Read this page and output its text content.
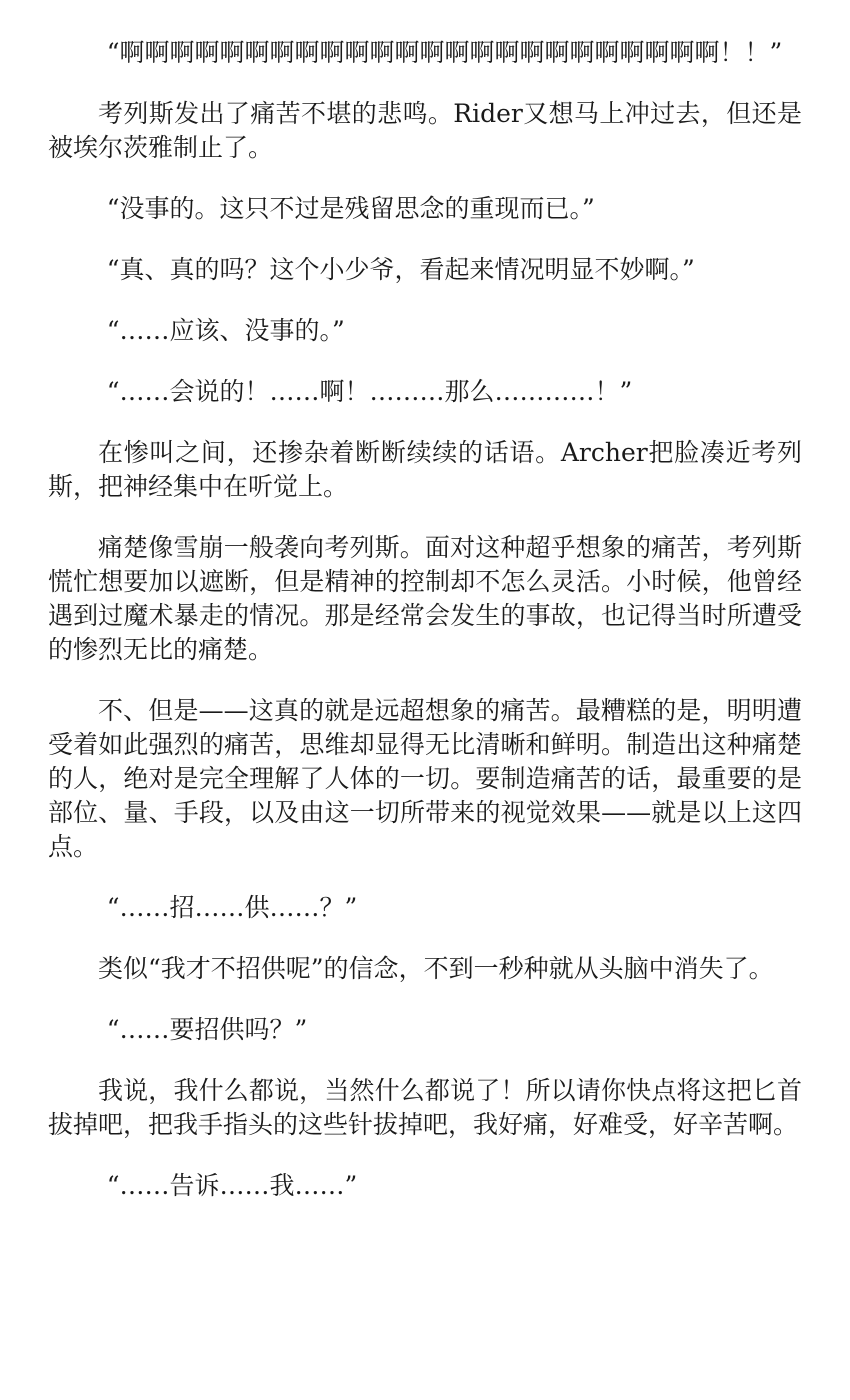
“啊啊啊啊啊啊啊啊啊啊啊啊啊啊啊啊啊啊啊啊啊啊啊啊！！”

考列斯发出了痛苦不堪的悲鸣。Rider又想马上冲过去，但还是被埃尔茨雅制止了。

“没事的。这只不过是残留思念的重现而已。”

“真、真的吗？这个小少爷，看起来情况明显不妙啊。”

“……应该、没事的。”

“……会说的！……啊！………那么…………！”

在惨叫之间，还掺杂着断断续续的话语。Archer把脸凑近考列斯，把神经集中在听觉上。

痛楚像雪崩一般袭向考列斯。面对这种超乎想象的痛苦，考列斯慌忙想要加以遮断，但是精神的控制却不怎么灵活。小时候，他曾经遇到过魔术暴走的情况。那是经常会发生的事故，也记得当时所遭受的惨烈无比的痛楚。

不、但是——这真的就是远超想象的痛苦。最糟糕的是，明明遭受着如此强烈的痛苦，思维却显得无比清晰和鲜明。制造出这种痛楚的人，绝对是完全理解了人体的一切。要制造痛苦的话，最重要的是部位、量、手段，以及由这一切所带来的视觉效果——就是以上这四点。

“……招……供……？”

类似“我才不招供呢”的信念，不到一秒种就从头脑中消失了。

“……要招供吗？”

我说，我什么都说，当然什么都说了！所以请你快点将这把匕首拔掉吧，把我手指头的这些针拔掉吧，我好痛，好难受，好辛苦啊。

“……告诉……我……”
